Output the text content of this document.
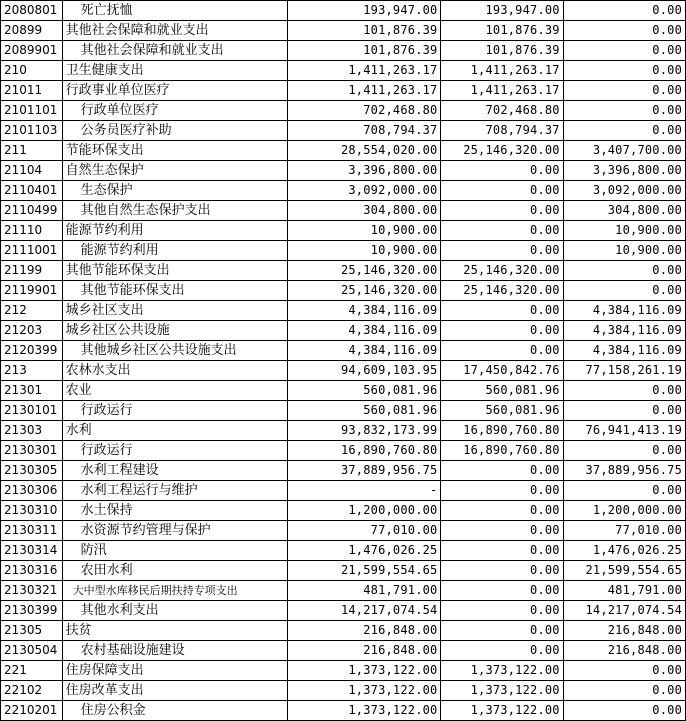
2080801	死亡抚恤	193,947.00	193,947.00	0.00
20899	其他社会保障和就业支出	101,876.39	101,876.39	0.00
2089901	其他社会保障和就业支出	101,876.39	101,876.39	0.00
210	卫生健康支出	1,411,263.17	1,411,263.17	0.00
21011	行政事业单位医疗	1,411,263.17	1,411,263.17	0.00
2101101	行政单位医疗	702,468.80	702,468.80	0.00
2101103	公务员医疗补助	708,794.37	708,794.37	0.00
211	节能环保支出	28,554,020.00	25,146,320.00	3,407,700.00
21104	自然生态保护	3,396,800.00	0.00	3,396,800.00
2110401	生态保护	3,092,000.00	0.00	3,092,000.00
2110499	其他自然生态保护支出	304,800.00	0.00	304,800.00
21110	能源节约利用	10,900.00	0.00	10,900.00
2111001	能源节约利用	10,900.00	0.00	10,900.00
21199	其他节能环保支出	25,146,320.00	25,146,320.00	0.00
2119901	其他节能环保支出	25,146,320.00	25,146,320.00	0.00
212	城乡社区支出	4,384,116.09	0.00	4,384,116.09
21203	城乡社区公共设施	4,384,116.09	0.00	4,384,116.09
2120399	其他城乡社区公共设施支出	4,384,116.09	0.00	4,384,116.09
213	农林水支出	94,609,103.95	17,450,842.76	77,158,261.19
21301	农业	560,081.96	560,081.96	0.00
2130101	行政运行	560,081.96	560,081.96	0.00
21303	水利	93,832,173.99	16,890,760.80	76,941,413.19
2130301	行政运行	16,890,760.80	16,890,760.80	0.00
2130305	水利工程建设	37,889,956.75	0.00	37,889,956.75
2130306	水利工程运行与维护	-	0.00	0.00
2130310	水土保持	1,200,000.00	0.00	1,200,000.00
2130311	水资源节约管理与保护	77,010.00	0.00	77,010.00
2130314	防汛	1,476,026.25	0.00	1,476,026.25
2130316	农田水利	21,599,554.65	0.00	21,599,554.65
2130321	大中型水库移民后期扶持专项支出	481,791.00	0.00	481,791.00
2130399	其他水利支出	14,217,074.54	0.00	14,217,074.54
21305	扶贫	216,848.00	0.00	216,848.00
2130504	农村基础设施建设	216,848.00	0.00	216,848.00
221	住房保障支出	1,373,122.00	1,373,122.00	0.00
22102	住房改革支出	1,373,122.00	1,373,122.00	0.00
2210201	住房公积金	1,373,122.00	1,373,122.00	0.00
